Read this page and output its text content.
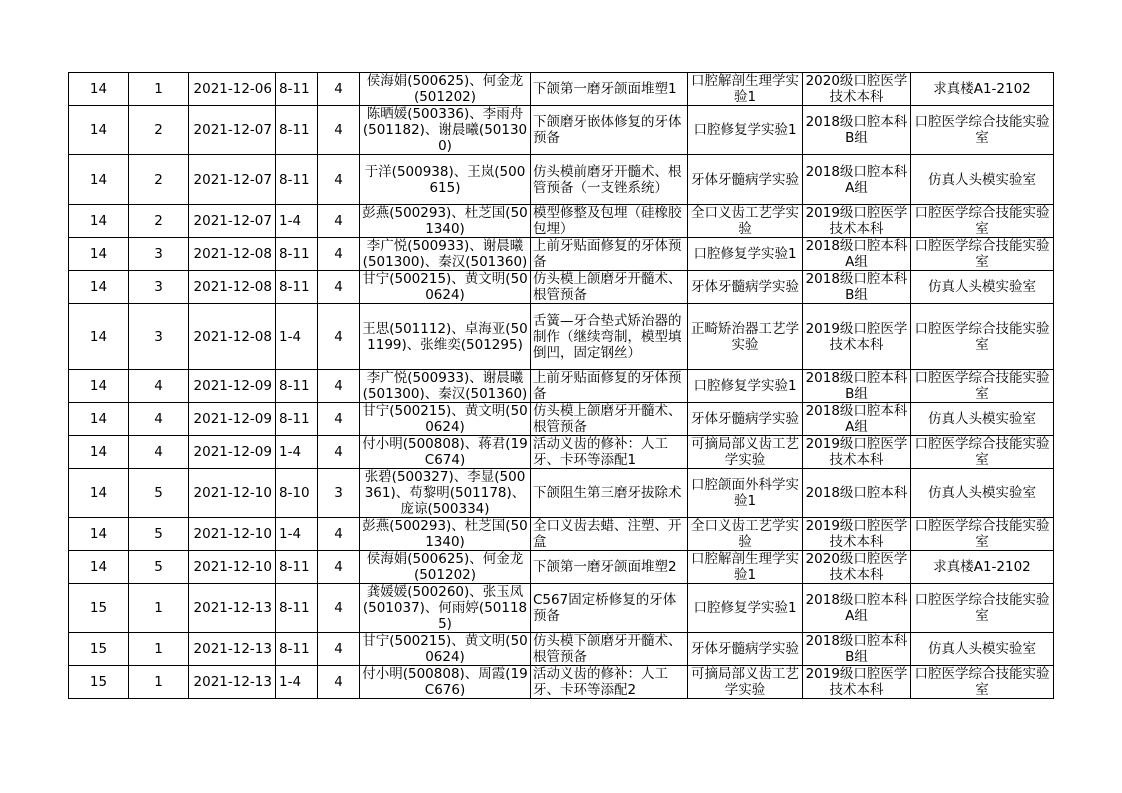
14	1	2021-12-06	8-11	4	侯海娟(500625)、何金龙(501202)	下颌第一磨牙颌面堆塑1	口腔解剖生理学实验1	2020级口腔医学技术本科	求真楼A1-2102
14	2	2021-12-07	8-11	4	陈晒媛(500336)、李雨舟(501182)、谢晨曦(501300)	下颌磨牙嵌体修复的牙体预备	口腔修复学实验1	2018级口腔本科B组	口腔医学综合技能实验室
14	2	2021-12-07	8-11	4	于洋(500938)、王岚(500615)	仿头模前磨牙开髓术、根管预备（一支锉系统）	牙体牙髓病学实验	2018级口腔本科A组	仿真人头模实验室
14	2	2021-12-07	1-4	4	彭燕(500293)、杜芝国(501340)	模型修整及包埋（硅橡胶包埋）	全口义齿工艺学实验	2019级口腔医学技术本科	口腔医学综合技能实验室
14	3	2021-12-08	8-11	4	李广悦(500933)、谢晨曦(501300)、秦汉(501360)	上前牙贴面修复的牙体预备	口腔修复学实验1	2018级口腔本科A组	口腔医学综合技能实验室
14	3	2021-12-08	8-11	4	甘宁(500215)、黄文明(500624)	仿头模上颌磨牙开髓术、根管预备	牙体牙髓病学实验	2018级口腔本科B组	仿真人头模实验室
14	3	2021-12-08	1-4	4	王思(501112)、卓海亚(501199)、张维奕(501295)	舌簧—牙合垫式矫治器的制作（继续弯制，模型填倒凹，固定钢丝）	正畸矫治器工艺学实验	2019级口腔医学技术本科	口腔医学综合技能实验室
14	4	2021-12-09	8-11	4	李广悦(500933)、谢晨曦(501300)、秦汉(501360)	上前牙贴面修复的牙体预备	口腔修复学实验1	2018级口腔本科B组	口腔医学综合技能实验室
14	4	2021-12-09	8-11	4	甘宁(500215)、黄文明(500624)	仿头模上颌磨牙开髓术、根管预备	牙体牙髓病学实验	2018级口腔本科A组	仿真人头模实验室
14	4	2021-12-09	1-4	4	付小明(500808)、蒋君(19C674)	活动义齿的修补：人工牙、卡环等添配1	可摘局部义齿工艺学实验	2019级口腔医学技术本科	口腔医学综合技能实验室
14	5	2021-12-10	8-10	3	张碧(500327)、李显(500361)、苟黎明(501178)、庞谅(500334)	下颌阻生第三磨牙拔除术	口腔颌面外科学实验1	2018级口腔本科	仿真人头模实验室
14	5	2021-12-10	1-4	4	彭燕(500293)、杜芝国(501340)	全口义齿去蜡、注塑、开盒	全口义齿工艺学实验	2019级口腔医学技术本科	口腔医学综合技能实验室
14	5	2021-12-10	8-11	4	侯海娟(500625)、何金龙(501202)	下颌第一磨牙颌面堆塑2	口腔解剖生理学实验1	2020级口腔医学技术本科	求真楼A1-2102
15	1	2021-12-13	8-11	4	龚媛媛(500260)、张玉凤(501037)、何雨婷(501185)	C567固定桥修复的牙体预备	口腔修复学实验1	2018级口腔本科A组	口腔医学综合技能实验室
15	1	2021-12-13	8-11	4	甘宁(500215)、黄文明(500624)	仿头模下颌磨牙开髓术、根管预备	牙体牙髓病学实验	2018级口腔本科B组	仿真人头模实验室
15	1	2021-12-13	1-4	4	付小明(500808)、周霞(19C676)	活动义齿的修补：人工牙、卡环等添配2	可摘局部义齿工艺学实验	2019级口腔医学技术本科	口腔医学综合技能实验室
